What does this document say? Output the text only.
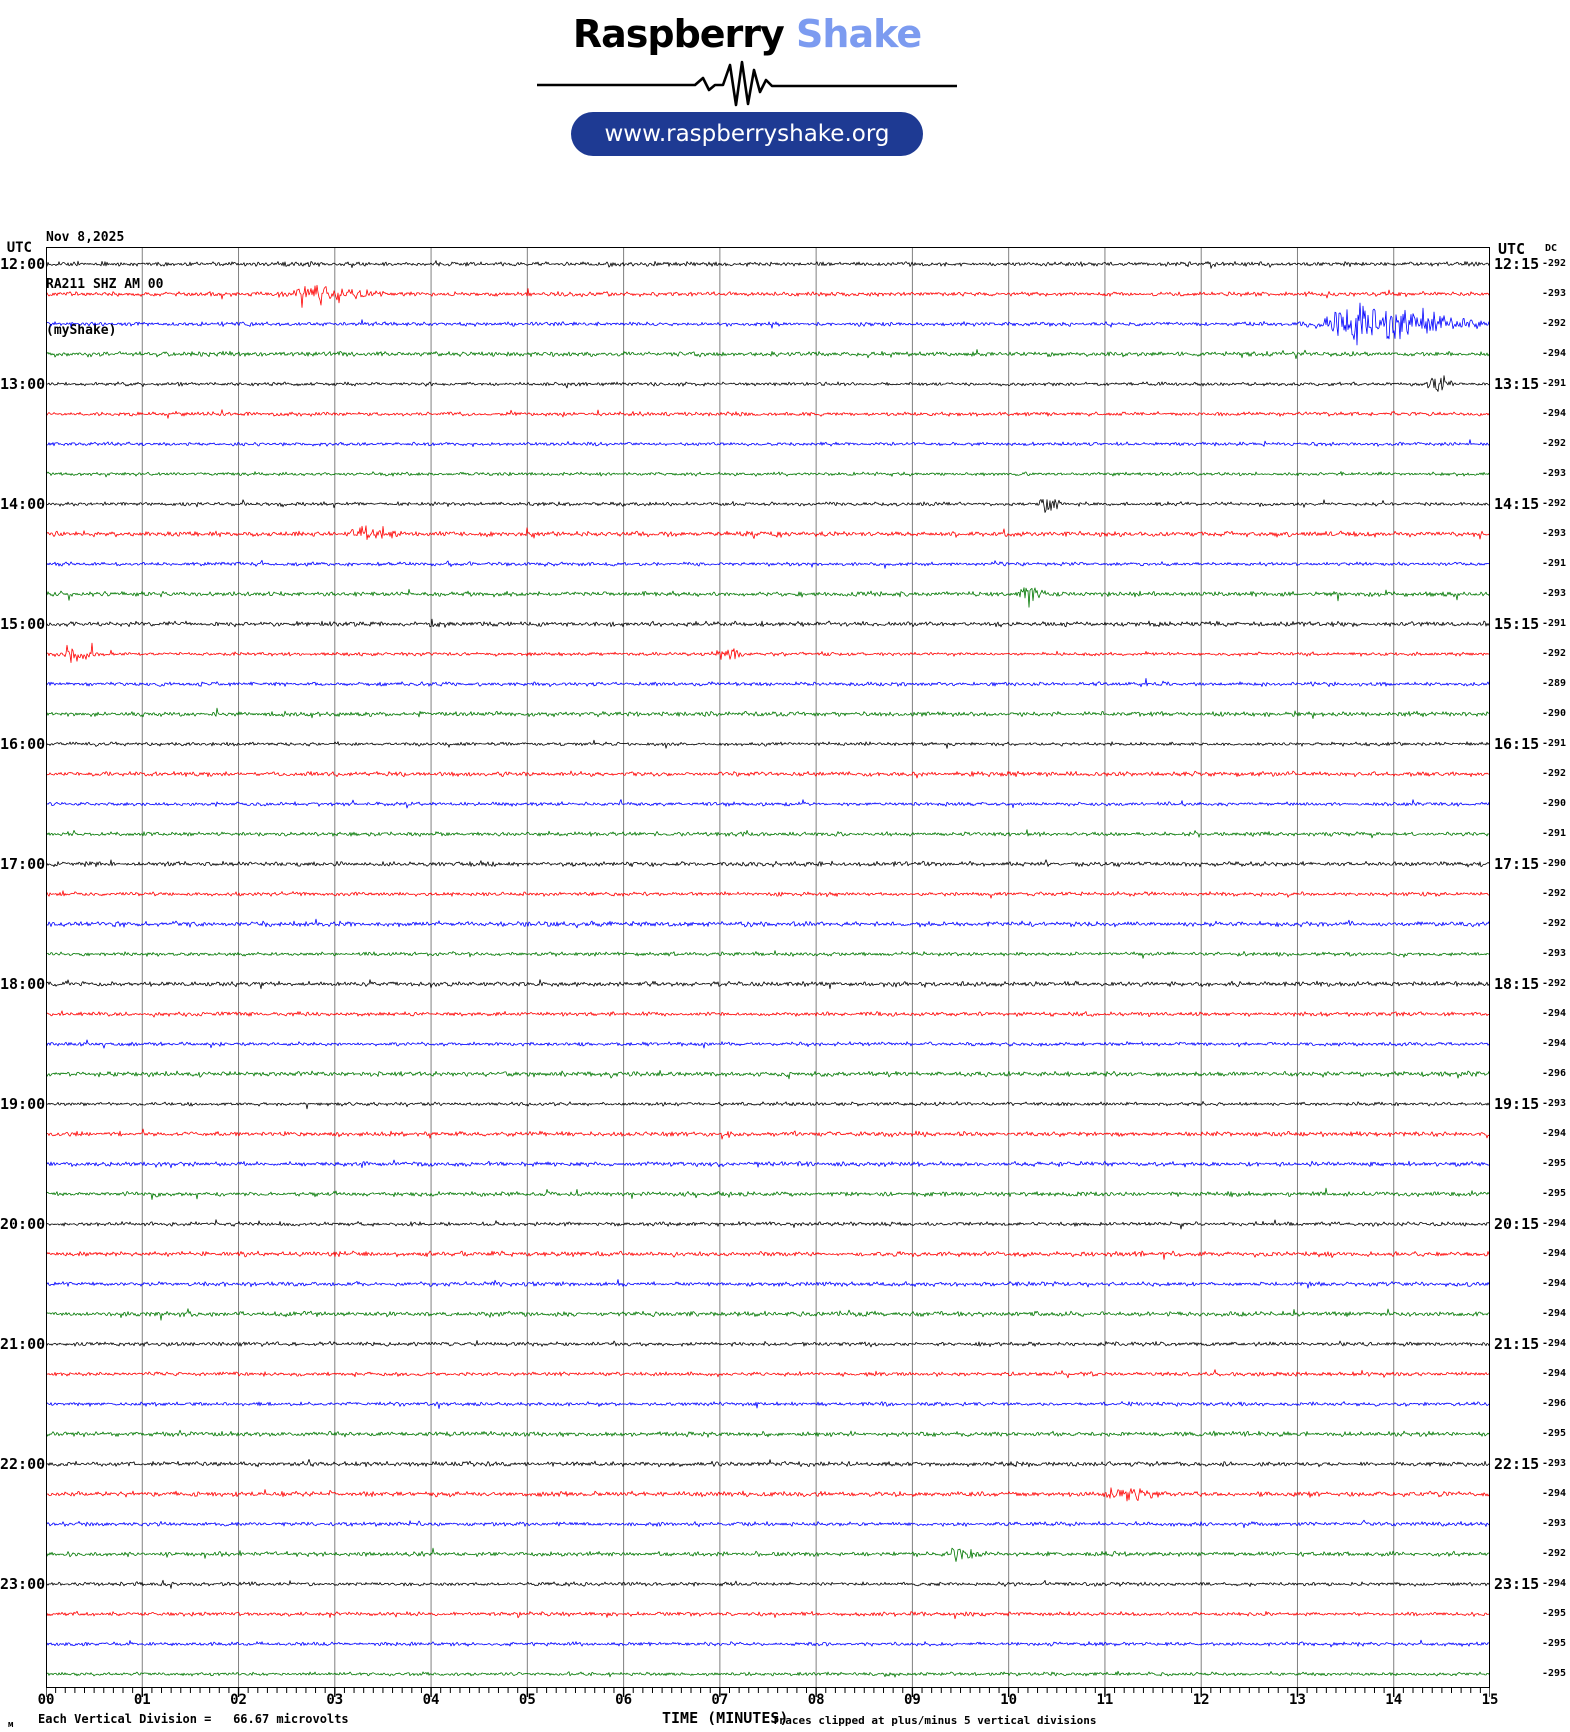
Raspberry Shake
www.raspberryshake.org

Nov 8,2025

RA211 SHZ AM 00

(myShake)

UTC	UTC DC
12:00
13:00
14:00
15:00
16:00
17:00
18:00
19:00
20:00
21:00
22:00
23:00
12:15
13:15
14:15
15:15
16:15
17:15
18:15
19:15
20:15
21:15
22:15
23:15
-292
-293
-292
-294
-291
-294
-292
-293
-292
-293
-291
-293
-291
-292
-289
-290
-291
-292
-290
-291
-290
-292
-292
-293
-292
-294
-294
-296
-293
-294
-295
-295
-294
-294
-294
-294
-294
-294
-296
-295
-293
-294
-293
-292
-294
-295
-295
-295
00	01	02	03	04	05	06	07	08	09	10	11	12	13	14	15
м Each Vertical Division =   66.67 microvolts	TIME (MINUTES)
Traces clipped at plus/minus 5 vertical divisions
